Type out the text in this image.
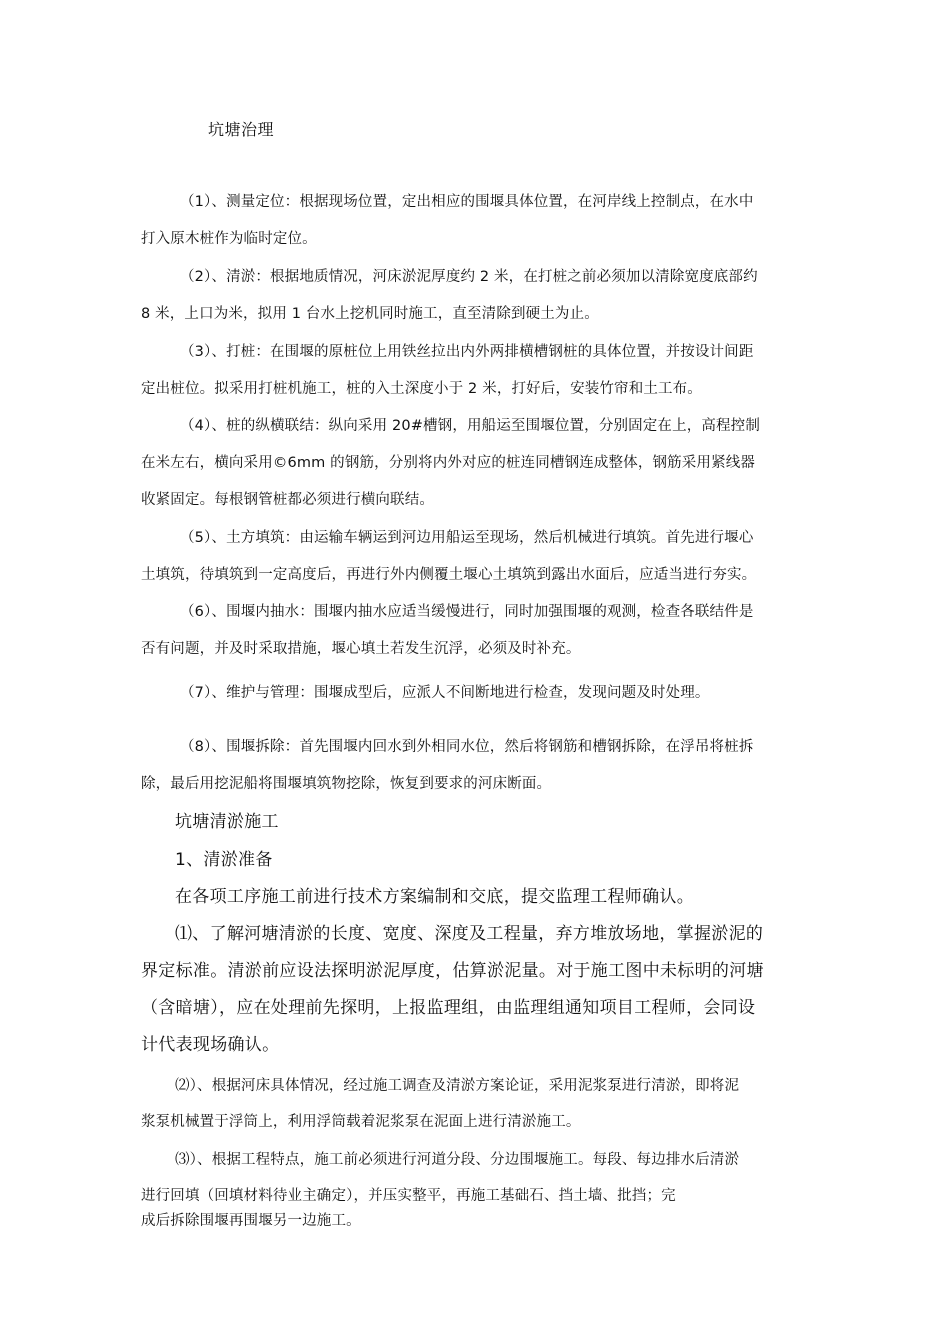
坑塘治理

（1）、测量定位：根据现场位置，定出相应的围堰具体位置，在河岸线上控制点，在水中

打入原木桩作为临时定位。

（2）、清淤：根据地质情况，河床淤泥厚度约 2 米，在打桩之前必须加以清除宽度底部约

8 米，上口为米，拟用 1 台水上挖机同时施工，直至清除到硬土为止。

（3）、打桩：在围堰的原桩位上用铁丝拉出内外两排横槽钢桩的具体位置，并按设计间距

定出桩位。拟采用打桩机施工，桩的入土深度小于 2 米，打好后，安装竹帘和土工布。

（4）、桩的纵横联结：纵向采用 20#槽钢，用船运至围堰位置，分别固定在上，高程控制

在米左右，横向采用©6mm 的钢筋，分别将内外对应的桩连同槽钢连成整体，钢筋采用紧线器

收紧固定。每根钢管桩都必须进行横向联结。

（5）、土方填筑：由运输车辆运到河边用船运至现场，然后机械进行填筑。首先进行堰心

土填筑，待填筑到一定高度后，再进行外内侧覆土堰心土填筑到露出水面后，应适当进行夯实。

（6）、围堰内抽水：围堰内抽水应适当缓慢进行，同时加强围堰的观测，检查各联结件是

否有问题，并及时采取措施，堰心填土若发生沉浮，必须及时补充。

（7）、维护与管理：围堰成型后，应派人不间断地进行检查，发现问题及时处理。

（8）、围堰拆除：首先围堰内回水到外相同水位，然后将钢筋和槽钢拆除，在浮吊将桩拆

除，最后用挖泥船将围堰填筑物挖除，恢复到要求的河床断面。

坑塘清淤施工

1、清淤准备

在各项工序施工前进行技术方案编制和交底，提交监理工程师确认。

⑴、了解河塘清淤的长度、宽度、深度及工程量，弃方堆放场地，掌握淤泥的

界定标准。清淤前应设法探明淤泥厚度，估算淤泥量。对于施工图中未标明的河塘

（含暗塘），应在处理前先探明，上报监理组，由监理组通知项目工程师，会同设

计代表现场确认。

⑵）、根据河床具体情况，经过施工调查及清淤方案论证，采用泥浆泵进行清淤，即将泥

浆泵机械置于浮筒上，利用浮筒载着泥浆泵在泥面上进行清淤施工。

⑶）、根据工程特点，施工前必须进行河道分段、分边围堰施工。每段、每边排水后清淤

进行回填（回填材料待业主确定），并压实整平，再施工基础石、挡土墙、批挡；完

成后拆除围堰再围堰另一边施工。
